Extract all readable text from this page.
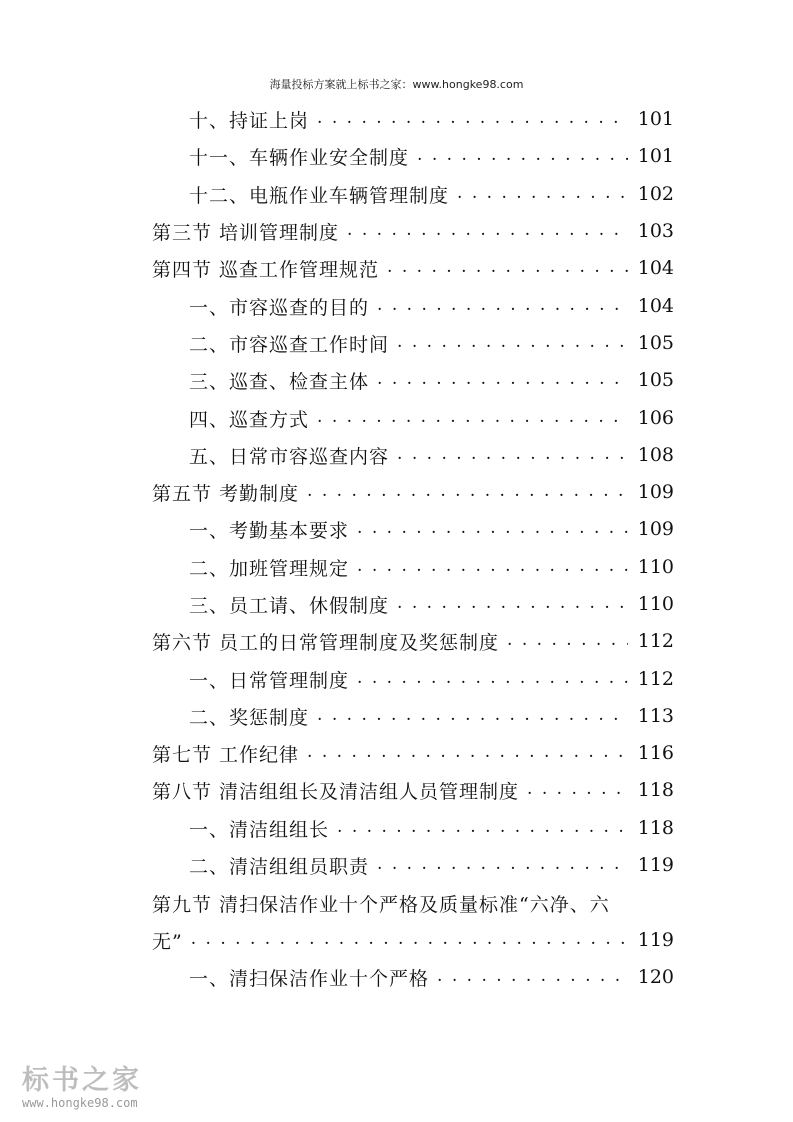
海量投标方案就上标书之家：www.hongke98.com
十、持证上岗 . . .	101
十一、车辆作业安全制度 . . .	101
十二、电瓶作业车辆管理制度 . . .	102
第三节 培训管理制度 . . .	103
第四节 巡查工作管理规范 . . .	104
一、市容巡查的目的 . . .	104
二、市容巡查工作时间 . . .	105
三、巡查、检查主体 . . .	105
四、巡查方式 . . .	106
五、日常市容巡查内容 . . .	108
第五节 考勤制度 . . .	109
一、考勤基本要求 . . .	109
二、加班管理规定 . . .	110
三、员工请、休假制度 . . .	110
第六节 员工的日常管理制度及奖惩制度 . . .	112
一、日常管理制度 . . .	112
二、奖惩制度 . . .	113
第七节 工作纪律 . . .	116
第八节 清洁组组长及清洁组人员管理制度 . . .	118
一、清洁组组长 . . .	118
二、清洁组组员职责 . . .	119
第九节 清扫保洁作业十个严格及质量标准“六净、六
无” . . .	119
一、清扫保洁作业十个严格 . . .	120
标书之家
www.hongke98.com
